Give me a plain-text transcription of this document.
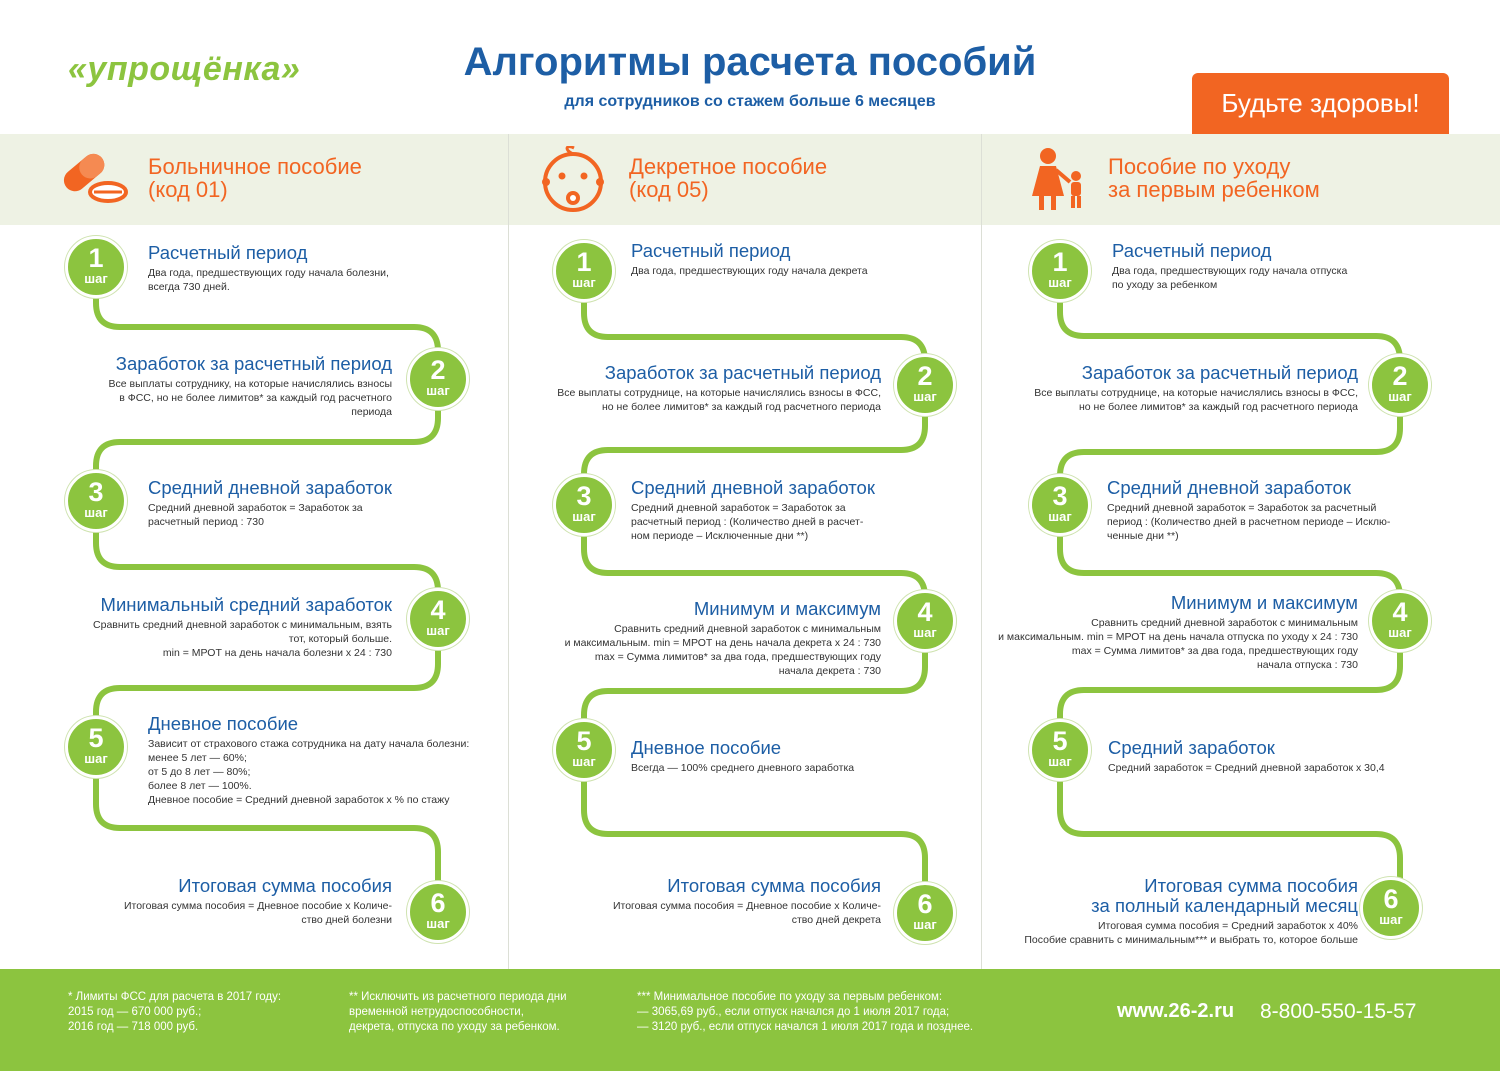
«упрощёнка»	Алгоритмы расчета пособий
для сотрудников со стажем больше 6 месяцев	Будьте здоровы!
Больничное пособие
(код 01)
Декретное пособие
(код 05)
Пособие по уходу
за первым ребенком
1
шаг
Расчетный период
Два года, предшествующих году начала болезни,
всегда 730 дней.
2
шаг
Заработок за расчетный период
Все выплаты сотруднику, на которые начислялись взносы
в ФСС, но не более лимитов* за каждый год расчетного
периода
3
шаг
Средний дневной заработок
Средний дневной заработок = Заработок за
расчетный период : 730
4
шаг
Минимальный средний заработок
Сравнить средний дневной заработок с минимальным, взять
тот, который больше.
min = МРОТ на день начала болезни х 24 : 730
5
шаг
Дневное пособие
Зависит от страхового стажа сотрудника на дату начала болезни:
менее 5 лет — 60%;
от 5 до 8 лет — 80%;
более 8 лет — 100%.
Дневное пособие = Средний дневной заработок х % по стажу
6
шаг
Итоговая сумма пособия
Итоговая сумма пособия = Дневное пособие х Количе-
ство дней болезни
1
шаг
Расчетный период
Два года, предшествующих году начала декрета
2
шаг
Заработок за расчетный период
Все выплаты сотруднице, на которые начислялись взносы в ФСС,
но не более лимитов* за каждый год расчетного периода
3
шаг
Средний дневной заработок
Средний дневной заработок = Заработок за
расчетный период : (Количество дней в расчет-
ном периоде – Исключенные дни **)
4
шаг
Минимум и максимум
Сравнить средний дневной заработок с минимальным
и максимальным. min = МРОТ на день начала декрета х 24 : 730
max = Сумма лимитов* за два года, предшествующих году
начала декрета : 730
5
шаг
Дневное пособие
Всегда — 100% среднего дневного заработка
6
шаг
Итоговая сумма пособия
Итоговая сумма пособия = Дневное пособие х Количе-
ство дней декрета
1
шаг
Расчетный период
Два года, предшествующих году начала отпуска
по уходу за ребенком
2
шаг
Заработок за расчетный период
Все выплаты сотруднице, на которые начислялись взносы в ФСС,
но не более лимитов* за каждый год расчетного периода
3
шаг
Средний дневной заработок
Средний дневной заработок = Заработок за расчетный
период : (Количество дней в расчетном периоде – Исклю-
ченные дни **)
4
шаг
Минимум и максимум
Сравнить средний дневной заработок с минимальным
и максимальным. min = МРОТ на день начала отпуска по уходу х 24 : 730
max = Сумма лимитов* за два года, предшествующих году
начала отпуска : 730
5
шаг
Средний заработок
Средний заработок = Средний дневной заработок х 30,4
6
шаг
Итоговая сумма пособия
за полный календарный месяц
Итоговая сумма пособия = Средний заработок х 40%
Пособие сравнить с минимальным*** и выбрать то, которое больше
* Лимиты ФСС для расчета в 2017 году:
2015 год — 670 000 руб.;
2016 год — 718 000 руб.
** Исключить из расчетного периода дни
временной нетрудоспособности,
декрета, отпуска по уходу за ребенком.
*** Минимальное пособие по уходу за первым ребенком:
— 3065,69 руб., если отпуск начался до 1 июля 2017 года;
— 3120 руб., если отпуск начался 1 июля 2017 года и позднее.
www.26-2.ru 8-800-550-15-57
